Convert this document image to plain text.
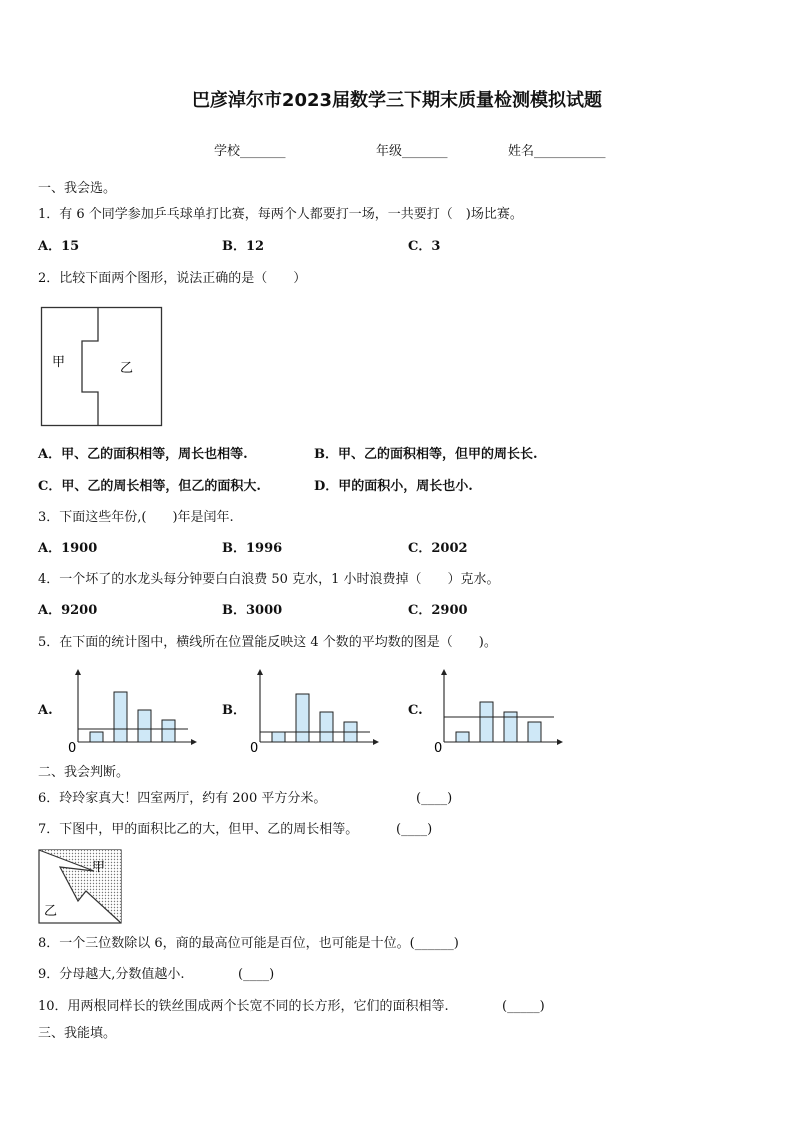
巴彦淖尔市2023届数学三下期末质量检测模拟试题
学校_______	年级_______	姓名___________
一、我会选。
1．有 6 个同学参加乒乓球单打比赛，每两个人都要打一场，一共要打（　)场比赛。
A．15	B．12	C．3
2．比较下面两个图形，说法正确的是（　　）
甲	乙
A．甲、乙的面积相等，周长也相等.	B．甲、乙的面积相等，但甲的周长长.
C．甲、乙的周长相等，但乙的面积大.	D．甲的面积小，周长也小.
3．下面这些年份,(　　)年是闰年.
A．1900	B．1996	C．2002
4．一个坏了的水龙头每分钟要白白浪费 50 克水，1 小时浪费掉（　　）克水。
A．9200	B．3000	C．2900
5．在下面的统计图中，横线所在位置能反映这 4 个数的平均数的图是（　　)。
A.	B．	C.
0	0	0
二、我会判断。
6．玲玲家真大！四室两厅，约有 200 平方分米。	(____)
7．下图中，甲的面积比乙的大，但甲、乙的周长相等。	(____)
甲
乙
8．一个三位数除以 6，商的最高位可能是百位，也可能是十位。(______)
9．分母越大,分数值越小.	(____)
10．用两根同样长的铁丝围成两个长宽不同的长方形，它们的面积相等.	(_____)
三、我能填。
